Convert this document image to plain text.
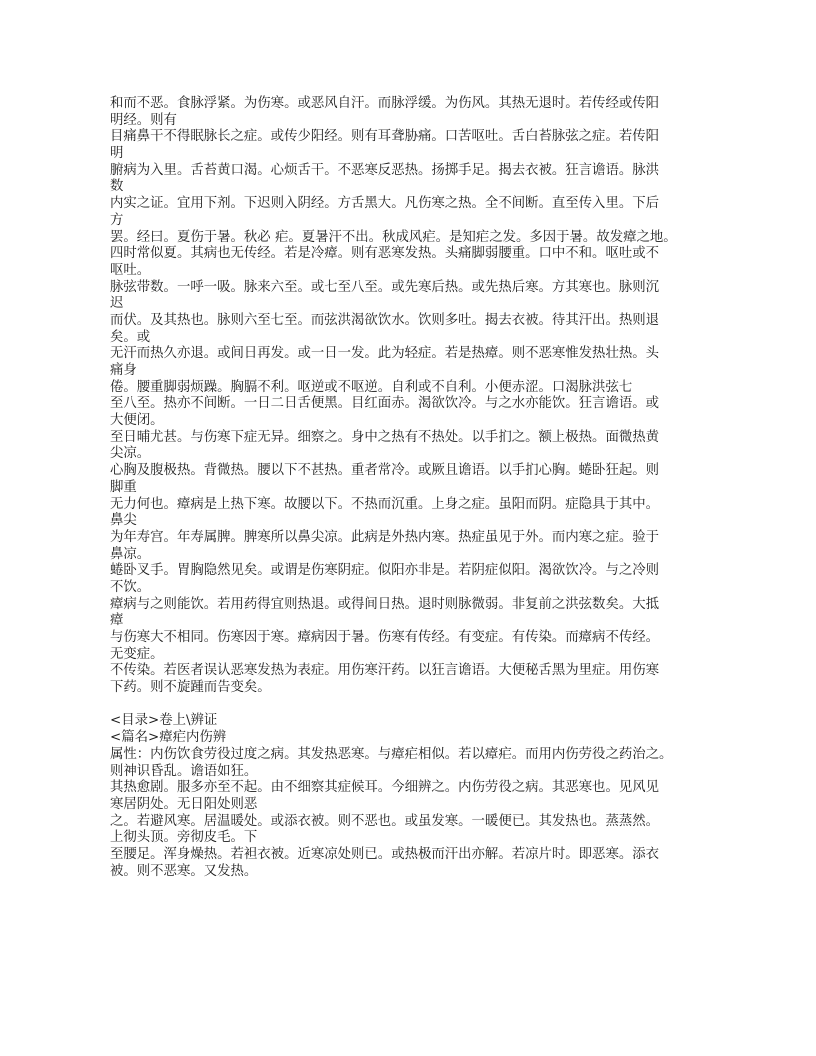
和而不恶。食脉浮紧。为伤寒。或恶风自汗。而脉浮缓。为伤风。其热无退时。若传经或传阳
明经。则有
目痛鼻干不得眠脉长之症。或传少阳经。则有耳聋胁痛。口苦呕吐。舌白苔脉弦之症。若传阳
明
腑病为入里。舌苔黄口渴。心烦舌干。不恶寒反恶热。扬掷手足。揭去衣被。狂言谵语。脉洪
数
内实之证。宜用下剂。下迟则入阴经。方舌黑大。凡伤寒之热。全不间断。直至传入里。下后
方
罢。经曰。夏伤于暑。秋必 疟。夏暑汗不出。秋成风疟。是知疟之发。多因于暑。故发瘴之地。
四时常似夏。其病也无传经。若是冷瘴。则有恶寒发热。头痛脚弱腰重。口中不和。呕吐或不
呕吐。
脉弦带数。一呼一吸。脉来六至。或七至八至。或先寒后热。或先热后寒。方其寒也。脉则沉
迟
而伏。及其热也。脉则六至七至。而弦洪渴欲饮水。饮则多吐。揭去衣被。待其汗出。热则退
矣。或
无汗而热久亦退。或间日再发。或一日一发。此为轻症。若是热瘴。则不恶寒惟发热壮热。头
痛身
倦。腰重脚弱烦躁。胸膈不利。呕逆或不呕逆。自利或不自利。小便赤涩。口渴脉洪弦七
至八至。热亦不间断。一日二日舌便黑。目红面赤。渴欲饮冷。与之水亦能饮。狂言谵语。或
大便闭。
至日晡尤甚。与伤寒下症无异。细察之。身中之热有不热处。以手扪之。额上极热。面微热黄
尖凉。
心胸及腹极热。背微热。腰以下不甚热。重者常冷。或厥且谵语。以手扪心胸。蜷卧狂起。则
脚重
无力何也。瘴病是上热下寒。故腰以下。不热而沉重。上身之症。虽阳而阴。症隐具于其中。
鼻尖
为年寿宫。年寿属脾。脾寒所以鼻尖凉。此病是外热内寒。热症虽见于外。而内寒之症。验于
鼻凉。
蜷卧叉手。胃胸隐然见矣。或谓是伤寒阴症。似阳亦非是。若阴症似阳。渴欲饮冷。与之冷则
不饮。
瘴病与之则能饮。若用药得宜则热退。或得间日热。退时则脉微弱。非复前之洪弦数矣。大抵
瘴
与伤寒大不相同。伤寒因于寒。瘴病因于暑。伤寒有传经。有变症。有传染。而瘴病不传经。
无变症。
不传染。若医者误认恶寒发热为表症。用伤寒汗药。以狂言谵语。大便秘舌黑为里症。用伤寒
下药。则不旋踵而告变矣。
<目录>卷上\辨证
<篇名>瘴疟内伤辨
属性：内伤饮食劳役过度之病。其发热恶寒。与瘴疟相似。若以瘴疟。而用内伤劳役之药治之。
则神识昏乱。谵语如狂。
其热愈剧。服多亦至不起。由不细察其症候耳。今细辨之。内伤劳役之病。其恶寒也。见风见
寒居阴处。无日阳处则恶
之。若避风寒。居温暖处。或添衣被。则不恶也。或虽发寒。一暖便已。其发热也。蒸蒸然。
上彻头顶。旁彻皮毛。下
至腰足。浑身燥热。若袒衣被。近寒凉处则已。或热极而汗出亦解。若凉片时。即恶寒。添衣
被。则不恶寒。又发热。
